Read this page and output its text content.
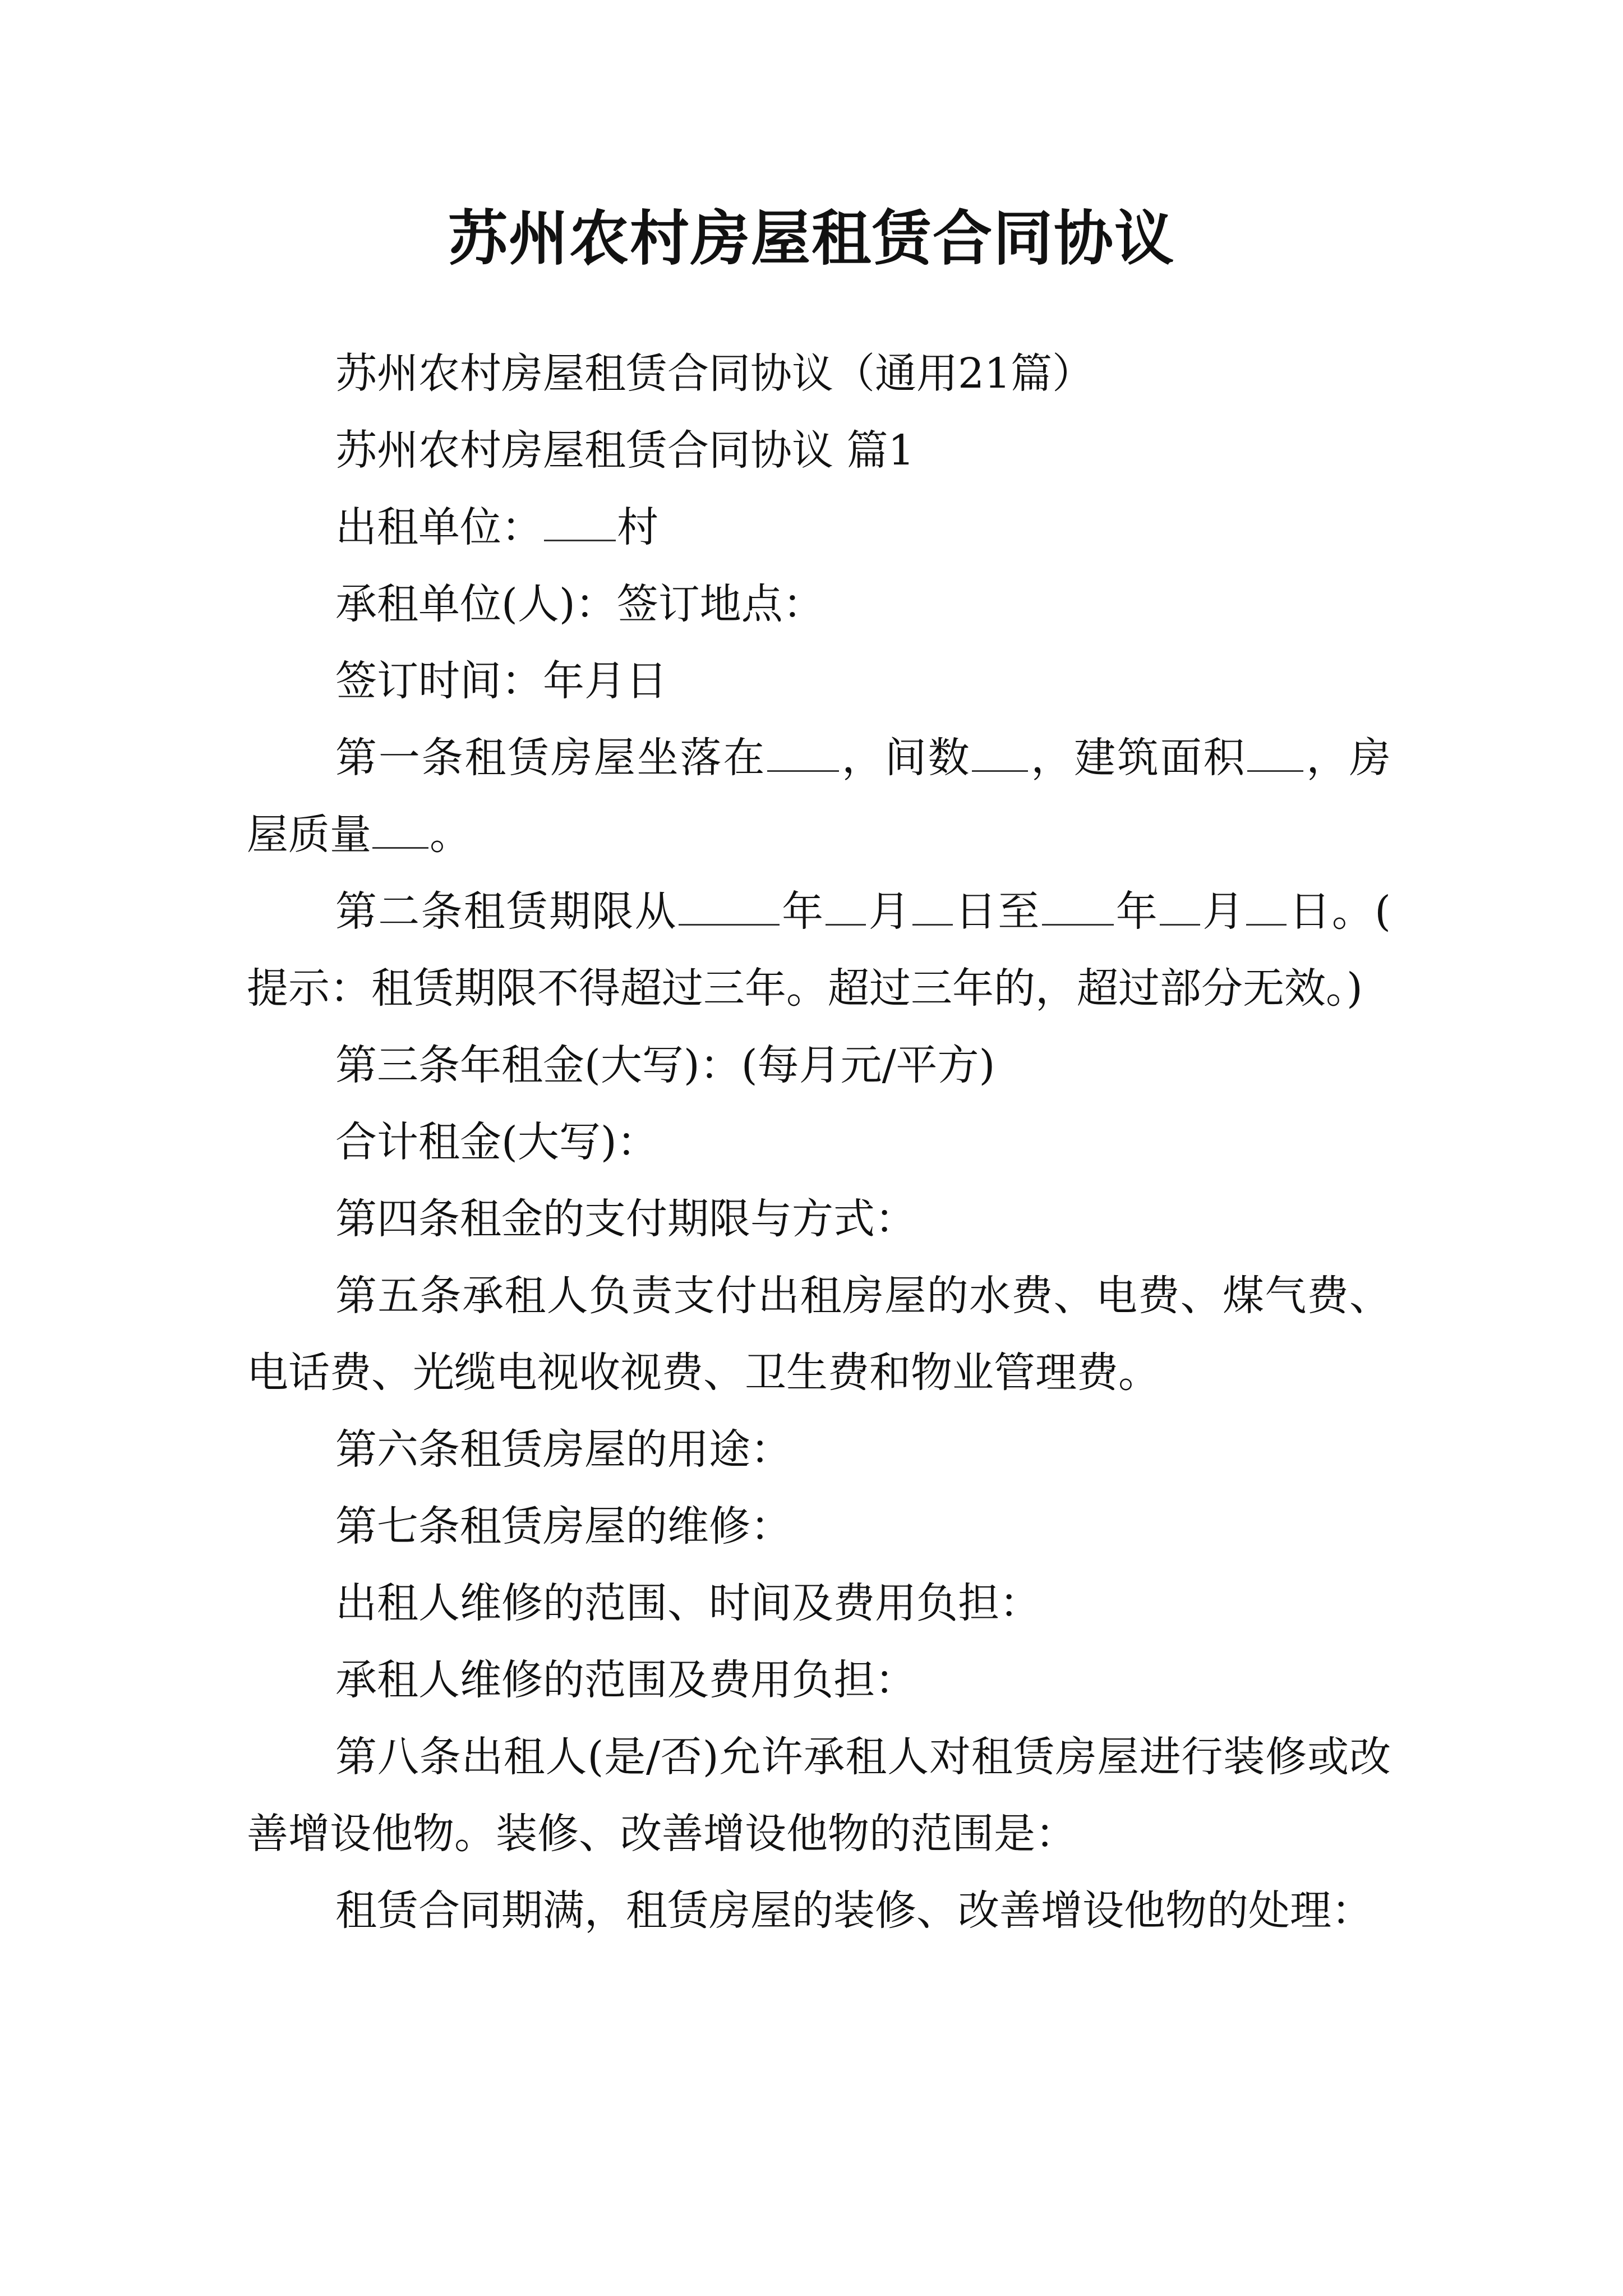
苏州农村房屋租赁合同协议

苏州农村房屋租赁合同协议（通用21篇）

苏州农村房屋租赁合同协议 篇1

出租单位： 村

承租单位(人)：签订地点：

签订时间：年月日

第一条租赁房屋坐落在 ，间数 ，建筑面积 ，房屋质量 。

第二条租赁期限从 年 月 日至 年 月 日。(提示：租赁期限不得超过三年。超过三年的，超过部分无效。)

第三条年租金(大写)：(每月元/平方)

合计租金(大写)：

第四条租金的支付期限与方式：

第五条承租人负责支付出租房屋的水费、电费、煤气费、电话费、光缆电视收视费、卫生费和物业管理费。

第六条租赁房屋的用途：

第七条租赁房屋的维修：

出租人维修的范围、时间及费用负担：

承租人维修的范围及费用负担：

第八条出租人(是/否)允许承租人对租赁房屋进行装修或改善增设他物。装修、改善增设他物的范围是：

租赁合同期满，租赁房屋的装修、改善增设他物的处理：
